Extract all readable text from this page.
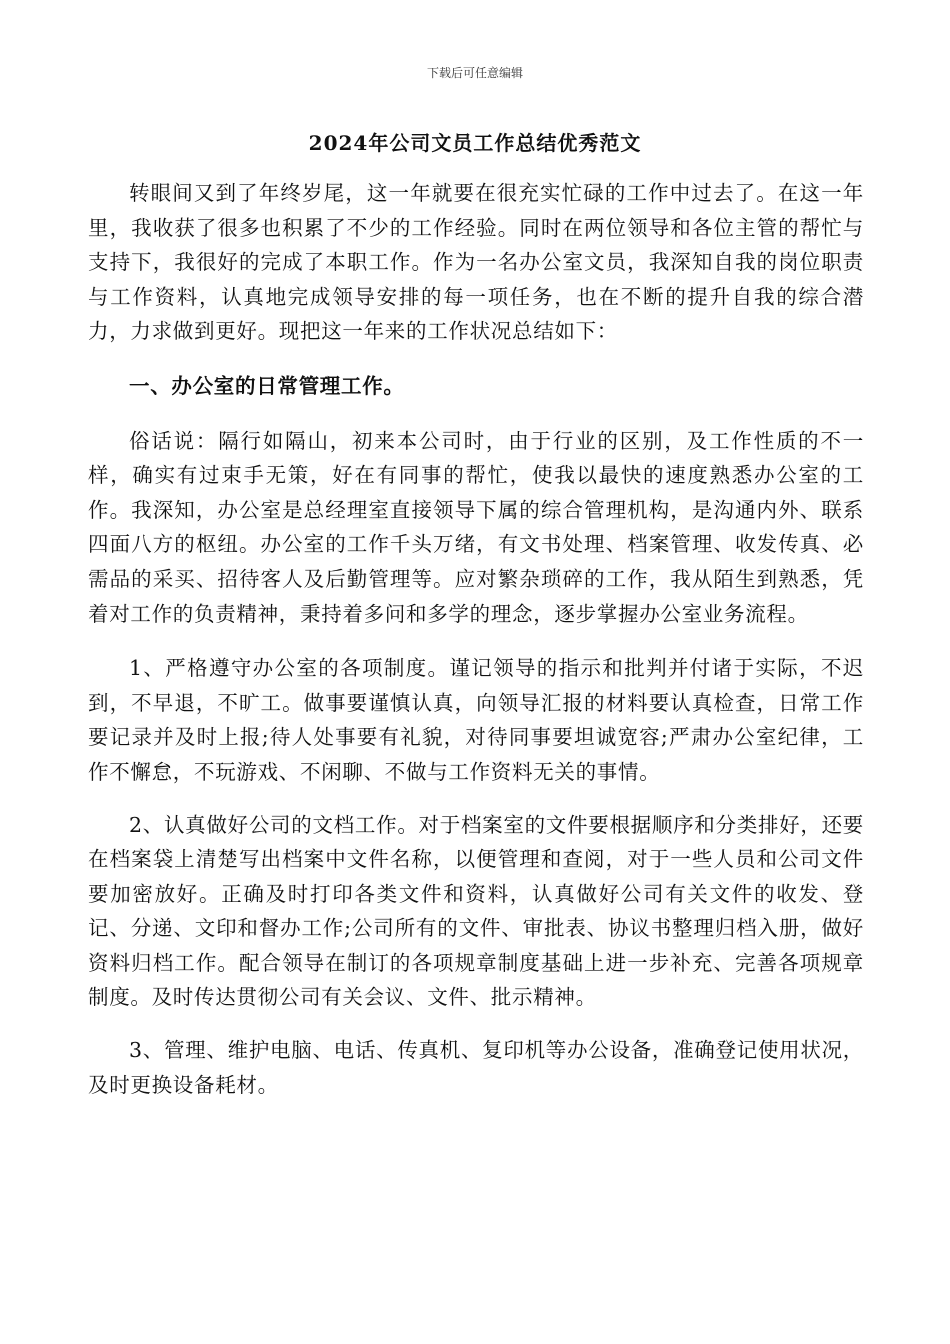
下载后可任意编辑
2024年公司文员工作总结优秀范文

转眼间又到了年终岁尾，这一年就要在很充实忙碌的工作中过去了。在这一年里，我收获了很多也积累了不少的工作经验。同时在两位领导和各位主管的帮忙与支持下，我很好的完成了本职工作。作为一名办公室文员，我深知自我的岗位职责与工作资料，认真地完成领导安排的每一项任务，也在不断的提升自我的综合潜力，力求做到更好。现把这一年来的工作状况总结如下：

一、办公室的日常管理工作。

俗话说：隔行如隔山，初来本公司时，由于行业的区别，及工作性质的不一样，确实有过束手无策，好在有同事的帮忙，使我以最快的速度熟悉办公室的工作。我深知，办公室是总经理室直接领导下属的综合管理机构，是沟通内外、联系四面八方的枢纽。办公室的工作千头万绪，有文书处理、档案管理、收发传真、必需品的采买、招待客人及后勤管理等。应对繁杂琐碎的工作，我从陌生到熟悉，凭着对工作的负责精神，秉持着多问和多学的理念，逐步掌握办公室业务流程。

1、严格遵守办公室的各项制度。谨记领导的指示和批判并付诸于实际，不迟到，不早退，不旷工。做事要谨慎认真，向领导汇报的材料要认真检查，日常工作要记录并及时上报;待人处事要有礼貌，对待同事要坦诚宽容;严肃办公室纪律，工作不懈怠，不玩游戏、不闲聊、不做与工作资料无关的事情。

2、认真做好公司的文档工作。对于档案室的文件要根据顺序和分类排好，还要在档案袋上清楚写出档案中文件名称，以便管理和查阅，对于一些人员和公司文件要加密放好。正确及时打印各类文件和资料，认真做好公司有关文件的收发、登记、分递、文印和督办工作;公司所有的文件、审批表、协议书整理归档入册，做好资料归档工作。配合领导在制订的各项规章制度基础上进一步补充、完善各项规章制度。及时传达贯彻公司有关会议、文件、批示精神。

3、管理、维护电脑、电话、传真机、复印机等办公设备，准确登记使用状况，及时更换设备耗材。
